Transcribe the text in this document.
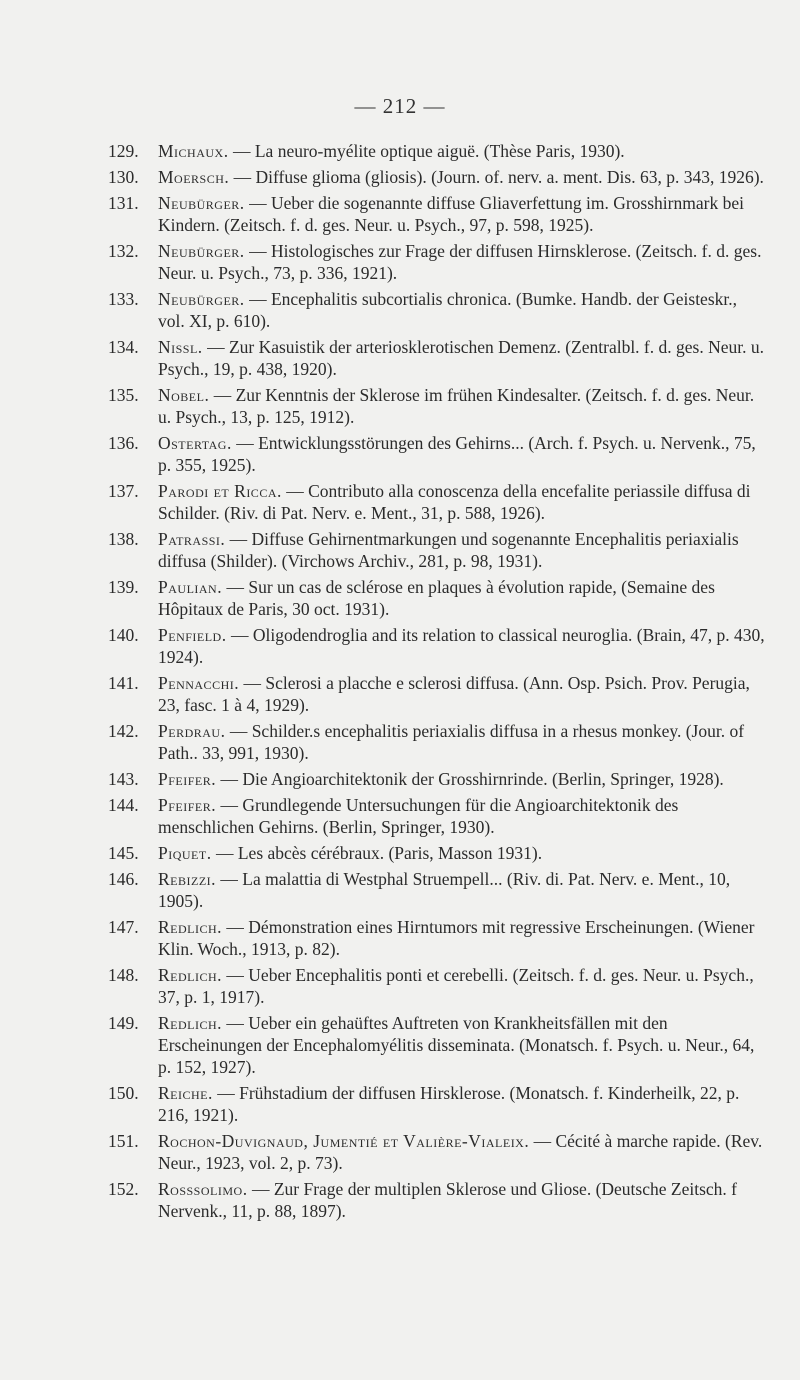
— 212 —
129.	Michaux. — La neuro-myélite optique aiguë. (Thèse Paris, 1930).
130.	Moersch. — Diffuse glioma (gliosis). (Journ. of. nerv. a. ment. Dis. 63, p. 343, 1926).
131.	Neubürger. — Ueber die sogenannte diffuse Gliaverfettung im. Grosshirnmark bei Kindern. (Zeitsch. f. d. ges. Neur. u. Psych., 97, p. 598, 1925).
132.	Neubürger. — Histologisches zur Frage der diffusen Hirnsklerose. (Zeitsch. f. d. ges. Neur. u. Psych., 73, p. 336, 1921).
133.	Neubürger. — Encephalitis subcortialis chronica. (Bumke. Handb. der Geisteskr., vol. XI, p. 610).
134.	Nissl. — Zur Kasuistik der arteriosklerotischen Demenz. (Zentralbl. f. d. ges. Neur. u. Psych., 19, p. 438, 1920).
135.	Nobel. — Zur Kenntnis der Sklerose im frühen Kindesalter. (Zeitsch. f. d. ges. Neur. u. Psych., 13, p. 125, 1912).
136.	Ostertag. — Entwicklungsstörungen des Gehirns... (Arch. f. Psych. u. Nervenk., 75, p. 355, 1925).
137.	Parodi et Ricca. — Contributo alla conoscenza della encefalite periassile diffusa di Schilder. (Riv. di Pat. Nerv. e. Ment., 31, p. 588, 1926).
138.	Patrassi. — Diffuse Gehirnentmarkungen und sogenannte Encephalitis periaxialis diffusa (Shilder). (Virchows Archiv., 281, p. 98, 1931).
139.	Paulian. — Sur un cas de sclérose en plaques à évolution rapide, (Semaine des Hôpitaux de Paris, 30 oct. 1931).
140.	Penfield. — Oligodendroglia and its relation to classical neuroglia. (Brain, 47, p. 430, 1924).
141.	Pennacchi. — Sclerosi a placche e sclerosi diffusa. (Ann. Osp. Psich. Prov. Perugia, 23, fasc. 1 à 4, 1929).
142.	Perdrau. — Schilder.s encephalitis periaxialis diffusa in a rhesus monkey. (Jour. of Path.. 33, 991, 1930).
143.	Pfeifer. — Die Angioarchitektonik der Grosshirnrinde. (Berlin, Springer, 1928).
144.	Pfeifer. — Grundlegende Untersuchungen für die Angioarchitektonik des menschlichen Gehirns. (Berlin, Springer, 1930).
145.	Piquet. — Les abcès cérébraux. (Paris, Masson 1931).
146.	Rebizzi. — La malattia di Westphal Struempell... (Riv. di. Pat. Nerv. e. Ment., 10, 1905).
147.	Redlich. — Démonstration eines Hirntumors mit regressive Erscheinungen. (Wiener Klin. Woch., 1913, p. 82).
148.	Redlich. — Ueber Encephalitis ponti et cerebelli. (Zeitsch. f. d. ges. Neur. u. Psych., 37, p. 1, 1917).
149.	Redlich. — Ueber ein gehaüftes Auftreten von Krankheitsfällen mit den Erscheinungen der Encephalomyélitis disseminata. (Monatsch. f. Psych. u. Neur., 64, p. 152, 1927).
150.	Reiche. — Frühstadium der diffusen Hirsklerose. (Monatsch. f. Kinderheilk, 22, p. 216, 1921).
151.	Rochon-Duvignaud, Jumentié et Valière-Vialeix. — Cécité à marche rapide. (Rev. Neur., 1923, vol. 2, p. 73).
152.	Rosssolimo. — Zur Frage der multiplen Sklerose und Gliose. (Deutsche Zeitsch. f Nervenk., 11, p. 88, 1897).
